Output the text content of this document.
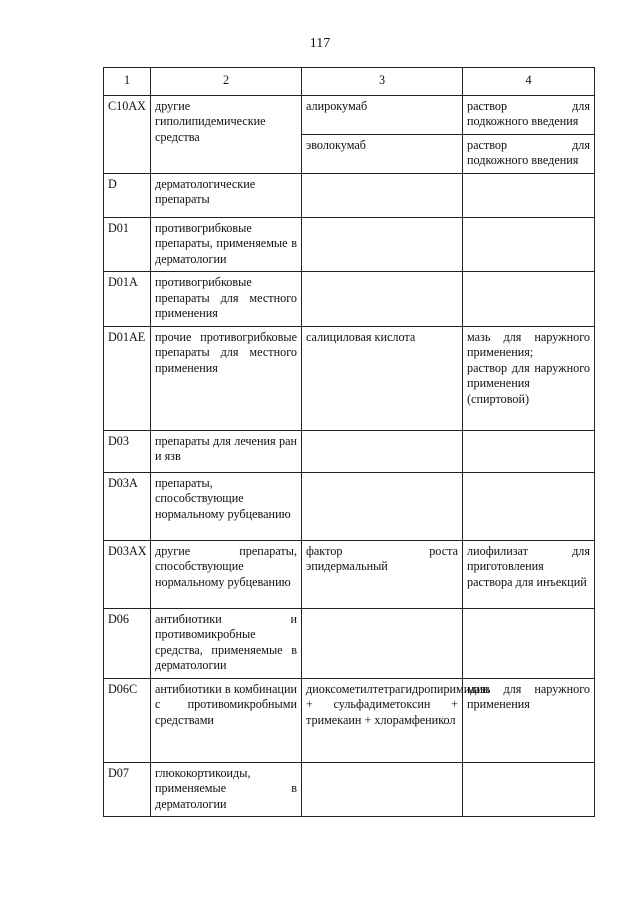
117
1	2	3	4
C10AX	другие гиполипидемические средства	алирокумаб	раствор для подкожного введения
		эволокумаб	раствор для подкожного введения
D	дерматологические препараты		
D01	противогрибковые препараты, применяемые в дерматологии		
D01A	противогрибковые препараты для местного применения		
D01AE	прочие противогрибковые препараты для местного применения	салициловая кислота	мазь для наружного применения;
раствор для наружного применения (спиртовой)
D03	препараты для лечения ран и язв		
D03A	препараты, способствующие нормальному рубцеванию		
D03AX	другие препараты, способствующие нормальному рубцеванию	фактор роста эпидермальный	лиофилизат для приготовления раствора для инъекций
D06	антибиотики и противомикробные средства, применяемые в дерматологии		
D06C	антибиотики в комбинации с противомикробными средствами	диоксометилтетрагидропиримидин + сульфадиметоксин + тримекаин + хлорамфеникол	мазь для наружного применения
D07	глюкокортикоиды, применяемые в дерматологии		
